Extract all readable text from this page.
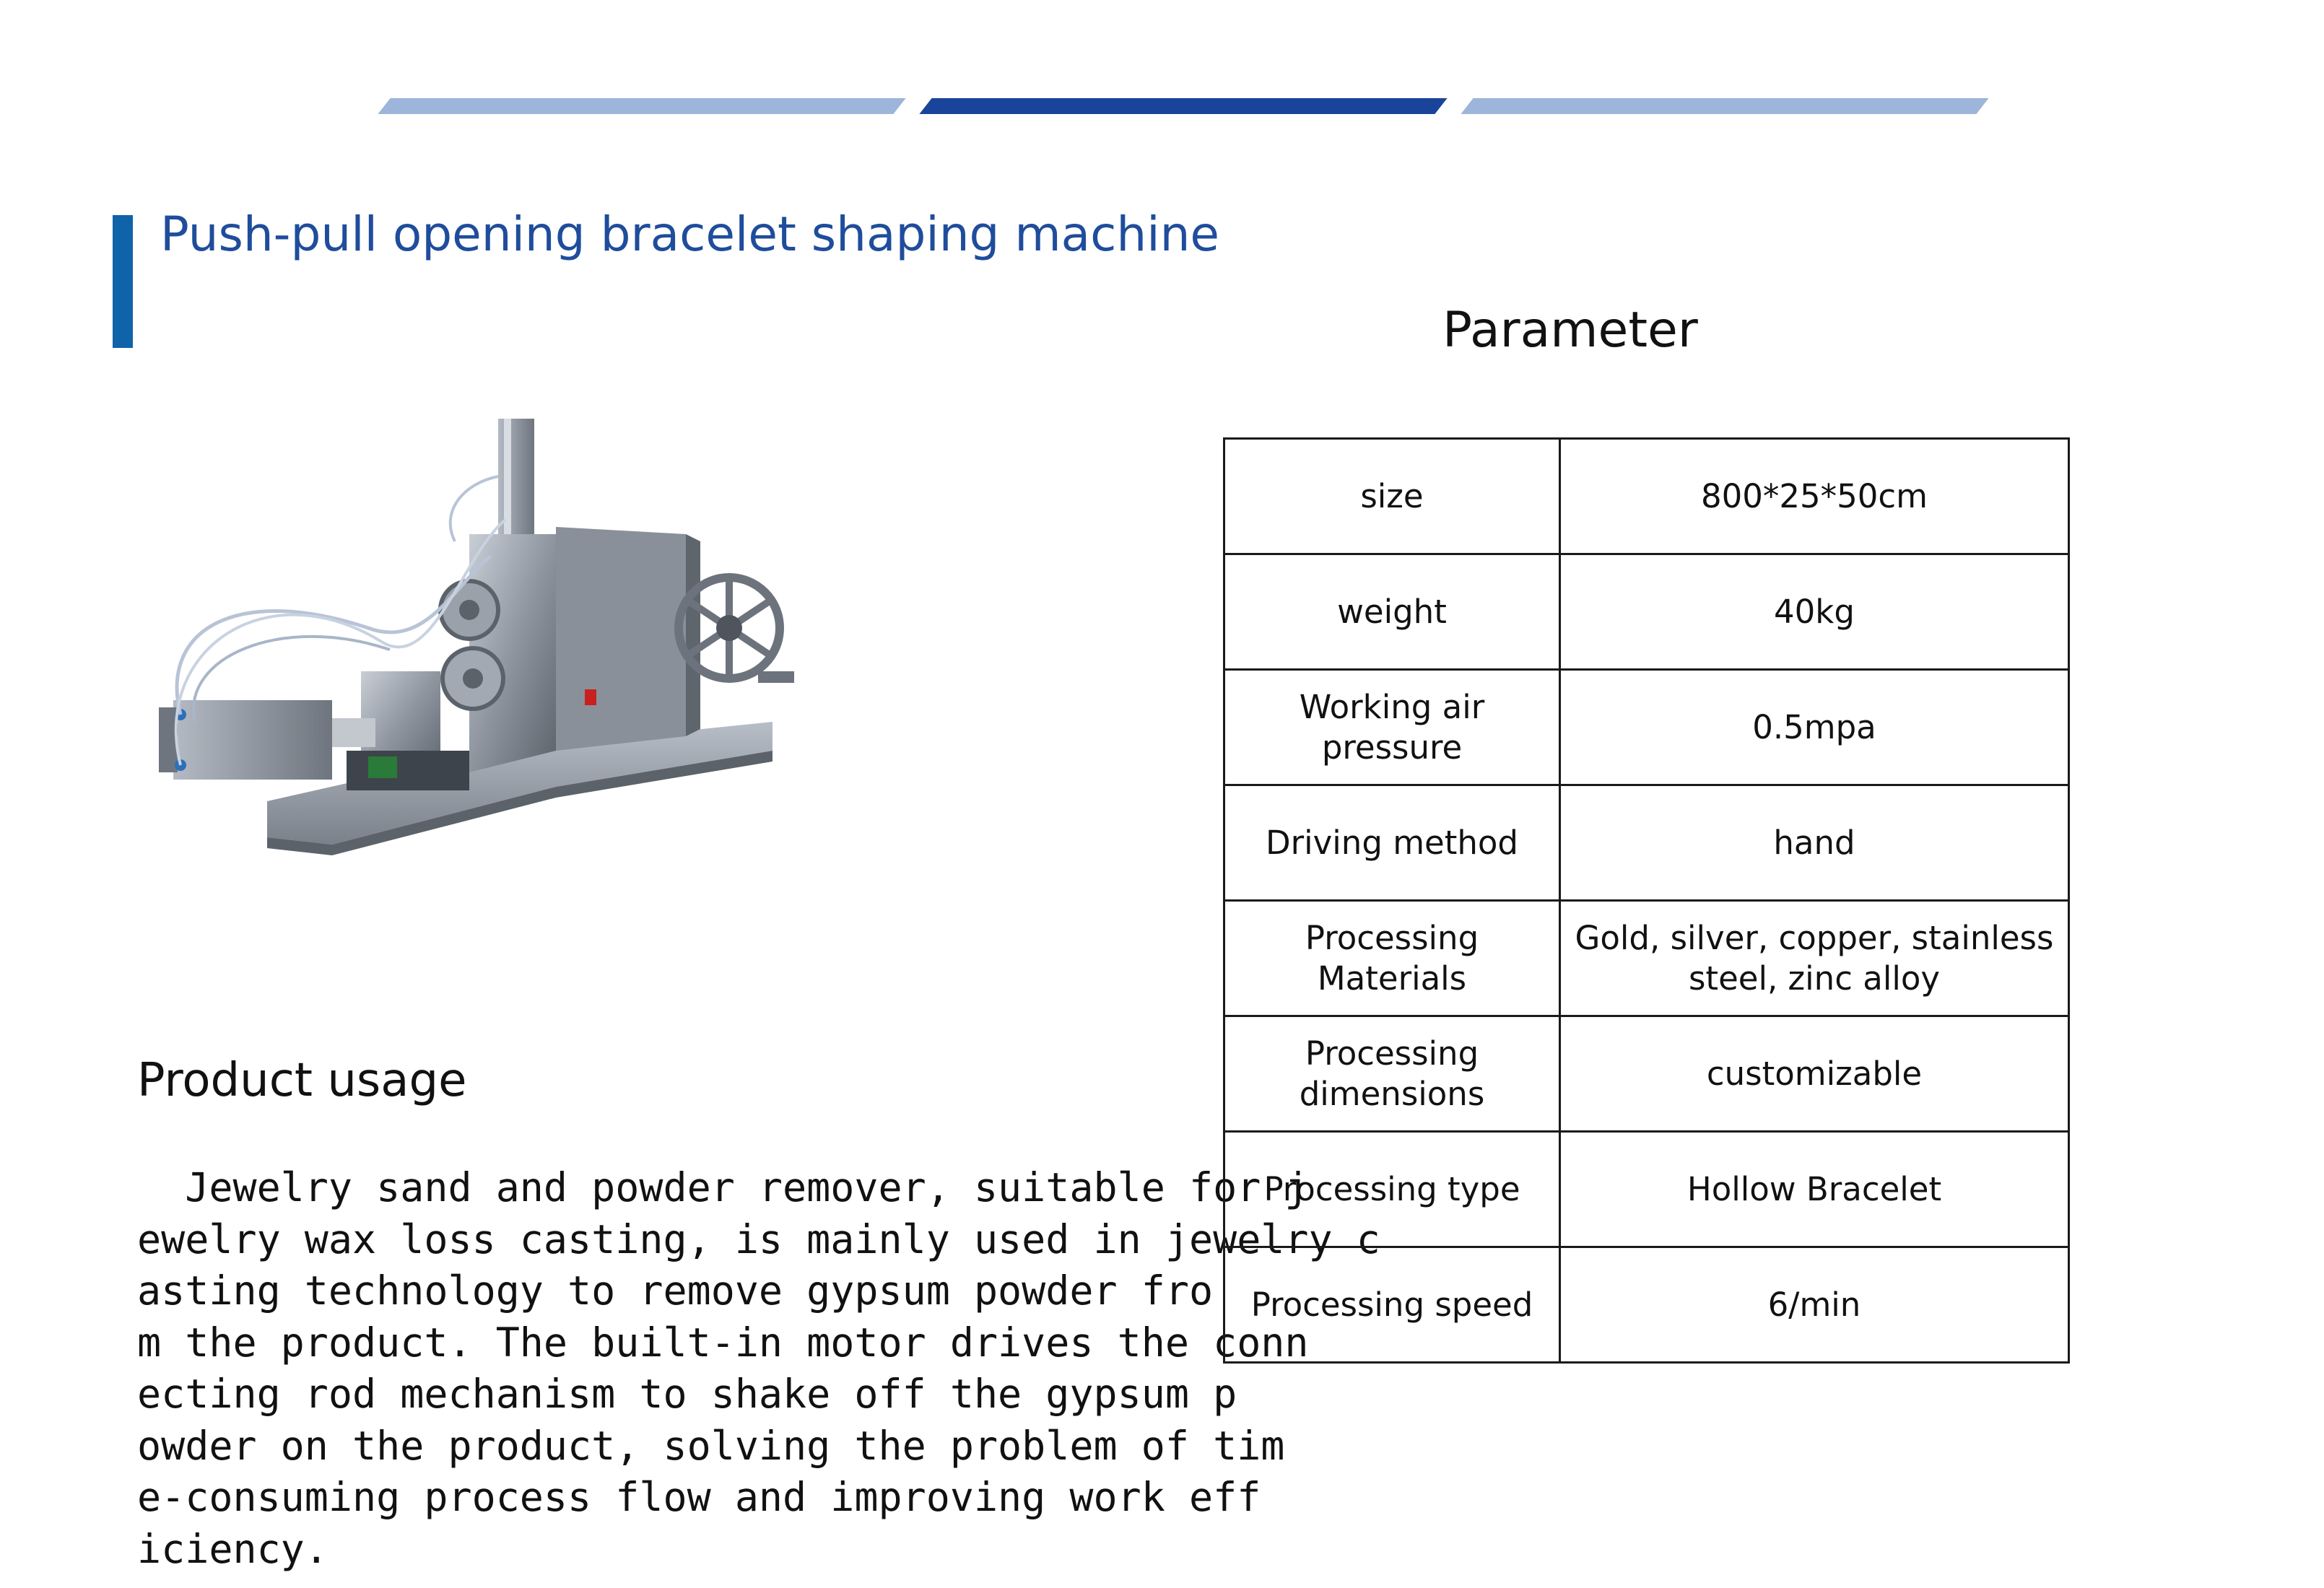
Push-pull opening bracelet shaping machine
Parameter
Product usage
Jewelry sand and powder remover, suitable for j
ewelry wax loss casting, is mainly used in jewelry c
asting technology to remove gypsum powder fro
m the product. The built-in motor drives the conn
ecting rod mechanism to shake off the gypsum p
owder on the product, solving the problem of tim
e-consuming process flow and improving work eff
iciency.
size	800*25*50cm
weight	40kg
Working air pressure	0.5mpa
Driving method	hand
Processing Materials	Gold, silver, copper, stainless steel, zinc alloy
Processing dimensions	customizable
Processing type	Hollow Bracelet
Processing speed	6/min
